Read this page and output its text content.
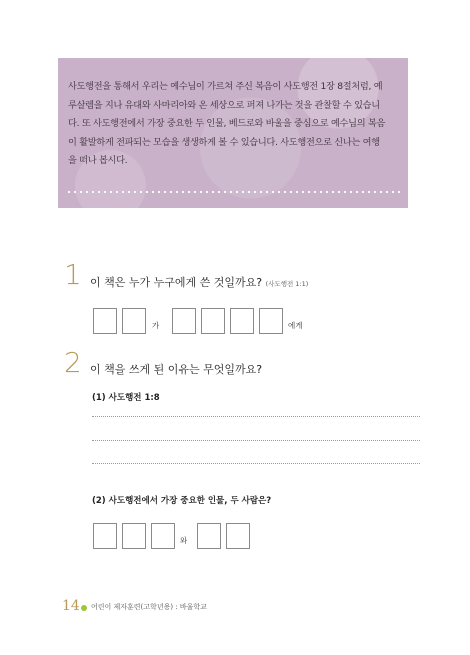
사도행전을 통해서 우리는 예수님이 가르쳐 주신 복음이 사도행전 1장 8절처럼, 예
루살렘을 지나 유대와 사마리아와 온 세상으로 퍼져 나가는 것을 관찰할 수 있습니
다. 또 사도행전에서 가장 중요한 두 인물, 베드로와 바울을 중심으로 예수님의 복음
이 활발하게 전파되는 모습을 생생하게 볼 수 있습니다. 사도행전으로 신나는 여행
을 떠나 봅시다.
1 이 책은 누가 누구에게 쓴 것일까요? (사도행전 1:1)
가	에게
2 이 책을 쓰게 된 이유는 무엇일까요?
(1) 사도행전 1:8
(2) 사도행전에서 가장 중요한 인물, 두 사람은?
와
14 어린이 제자훈련(고학년용) : 바울학교
